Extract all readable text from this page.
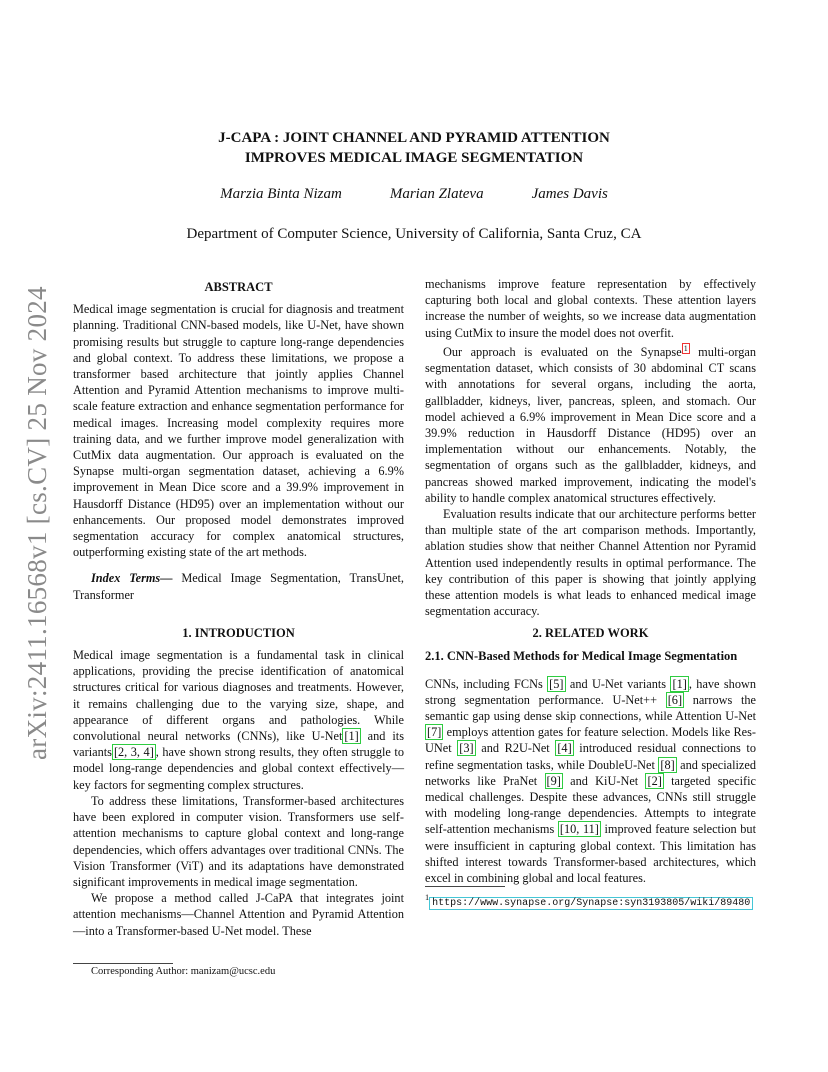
arXiv:2411.16568v1 [cs.CV] 25 Nov 2024
J-CAPA : JOINT CHANNEL AND PYRAMID ATTENTION
IMPROVES MEDICAL IMAGE SEGMENTATION
Marzia Binta Nizam	Marian Zlateva	James Davis
Department of Computer Science, University of California, Santa Cruz, CA
ABSTRACT

Medical image segmentation is crucial for diagnosis and treatment planning. Traditional CNN-based models, like U-Net, have shown promising results but struggle to capture long-range dependencies and global context. To address these limitations, we propose a transformer based architecture that jointly applies Channel Attention and Pyramid Attention mechanisms to improve multi-scale feature extraction and enhance segmentation performance for medical images. Increasing model complexity requires more training data, and we further improve model generalization with CutMix data augmentation. Our approach is evaluated on the Synapse multi-organ segmentation dataset, achieving a 6.9% improvement in Mean Dice score and a 39.9% improvement in Hausdorff Distance (HD95) over an implementation without our enhancements. Our proposed model demonstrates improved segmentation accuracy for complex anatomical structures, outperforming existing state of the art methods.

Index Terms— Medical Image Segmentation, TransUnet, Transformer

1. INTRODUCTION

Medical image segmentation is a fundamental task in clinical applications, providing the precise identification of anatomical structures critical for various diagnoses and treatments. However, it remains challenging due to the varying size, shape, and appearance of different organs and pathologies. While convolutional neural networks (CNNs), like U-Net [1] and its variants [2, 3, 4] , have shown strong results, they often struggle to model long-range dependencies and global context effectively—key factors for segmenting complex structures.

To address these limitations, Transformer-based architectures have been explored in computer vision. Transformers use self-attention mechanisms to capture global context and long-range dependencies, which offers advantages over traditional CNNs. The Vision Transformer (ViT) and its adaptations have demonstrated significant improvements in medical image segmentation.

We propose a method called J-CaPA that integrates joint attention mechanisms—Channel Attention and Pyramid Attention—into a Transformer-based U-Net model. These

Corresponding Author: manizam@ucsc.edu

mechanisms improve feature representation by effectively capturing both local and global contexts. These attention layers increase the number of weights, so we increase data augmentation using CutMix to insure the model does not overfit.

Our approach is evaluated on the Synapse $^1$ multi-organ segmentation dataset, which consists of 30 abdominal CT scans with annotations for several organs, including the aorta, gallbladder, kidneys, liver, pancreas, spleen, and stomach. Our model achieved a 6.9% improvement in Mean Dice score and a 39.9% reduction in Hausdorff Distance (HD95) over an implementation without our enhancements. Notably, the segmentation of organs such as the gallbladder, kidneys, and pancreas showed marked improvement, indicating the model's ability to handle complex anatomical structures effectively.

Evaluation results indicate that our architecture performs better than multiple state of the art comparison methods. Importantly, ablation studies show that neither Channel Attention nor Pyramid Attention used independently results in optimal performance. The key contribution of this paper is showing that jointly applying these attention models is what leads to enhanced medical image segmentation accuracy.

2. RELATED WORK
2.1. CNN-Based Methods for Medical Image Segmentation

CNNs, including FCNs [5] and U-Net variants [1] , have shown strong segmentation performance. U-Net++ [6] narrows the semantic gap using dense skip connections, while Attention U-Net [7] employs attention gates for feature selection. Models like Res-UNet [3] and R2U-Net [4] introduced residual connections to refine segmentation tasks, while DoubleU-Net [8] and specialized networks like PraNet [9] and KiU-Net [2] targeted specific medical challenges. Despite these advances, CNNs still struggle with modeling long-range dependencies. Attempts to integrate self-attention mechanisms [10, 11] improved feature selection but were insufficient in capturing global context. This limitation has shifted interest towards Transformer-based architectures, which excel in combining global and local features.

$^1$ https://www.synapse.org/Synapse:syn3193805/wiki/89480
